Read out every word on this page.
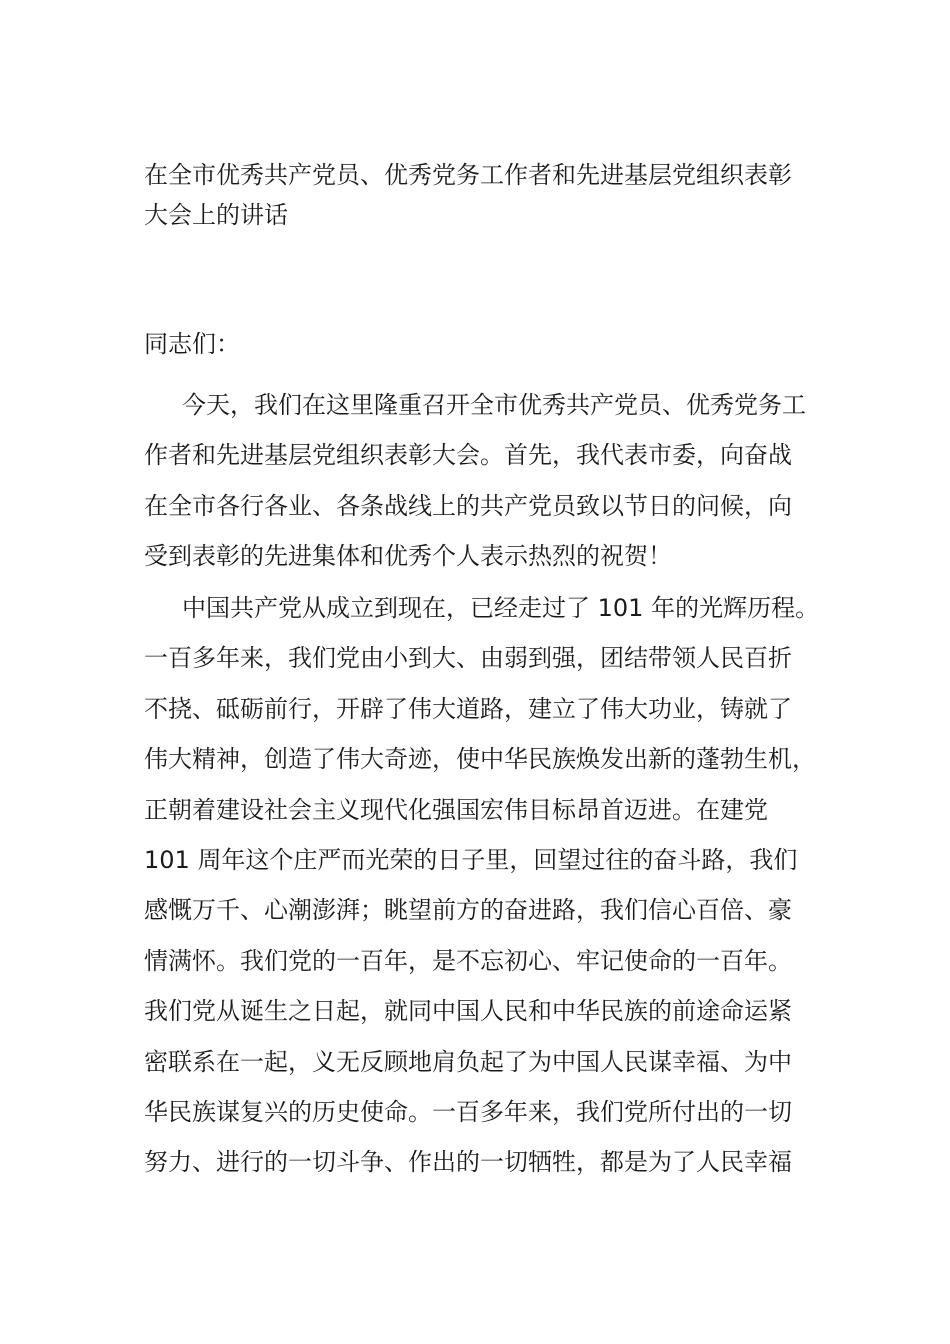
在全市优秀共产党员、优秀党务工作者和先进基层党组织表彰
大会上的讲话

同志们：

今天，我们在这里隆重召开全市优秀共产党员、优秀党务工
作者和先进基层党组织表彰大会。首先，我代表市委，向奋战
在全市各行各业、各条战线上的共产党员致以节日的问候，向
受到表彰的先进集体和优秀个人表示热烈的祝贺！

中国共产党从成立到现在，已经走过了 101 年的光辉历程。
一百多年来，我们党由小到大、由弱到强，团结带领人民百折
不挠、砥砺前行，开辟了伟大道路，建立了伟大功业，铸就了
伟大精神，创造了伟大奇迹，使中华民族焕发出新的蓬勃生机，
正朝着建设社会主义现代化强国宏伟目标昂首迈进。在建党
101 周年这个庄严而光荣的日子里，回望过往的奋斗路，我们
感慨万千、心潮澎湃；眺望前方的奋进路，我们信心百倍、豪
情满怀。我们党的一百年，是不忘初心、牢记使命的一百年。
我们党从诞生之日起，就同中国人民和中华民族的前途命运紧
密联系在一起，义无反顾地肩负起了为中国人民谋幸福、为中
华民族谋复兴的历史使命。一百多年来，我们党所付出的一切
努力、进行的一切斗争、作出的一切牺牲，都是为了人民幸福
